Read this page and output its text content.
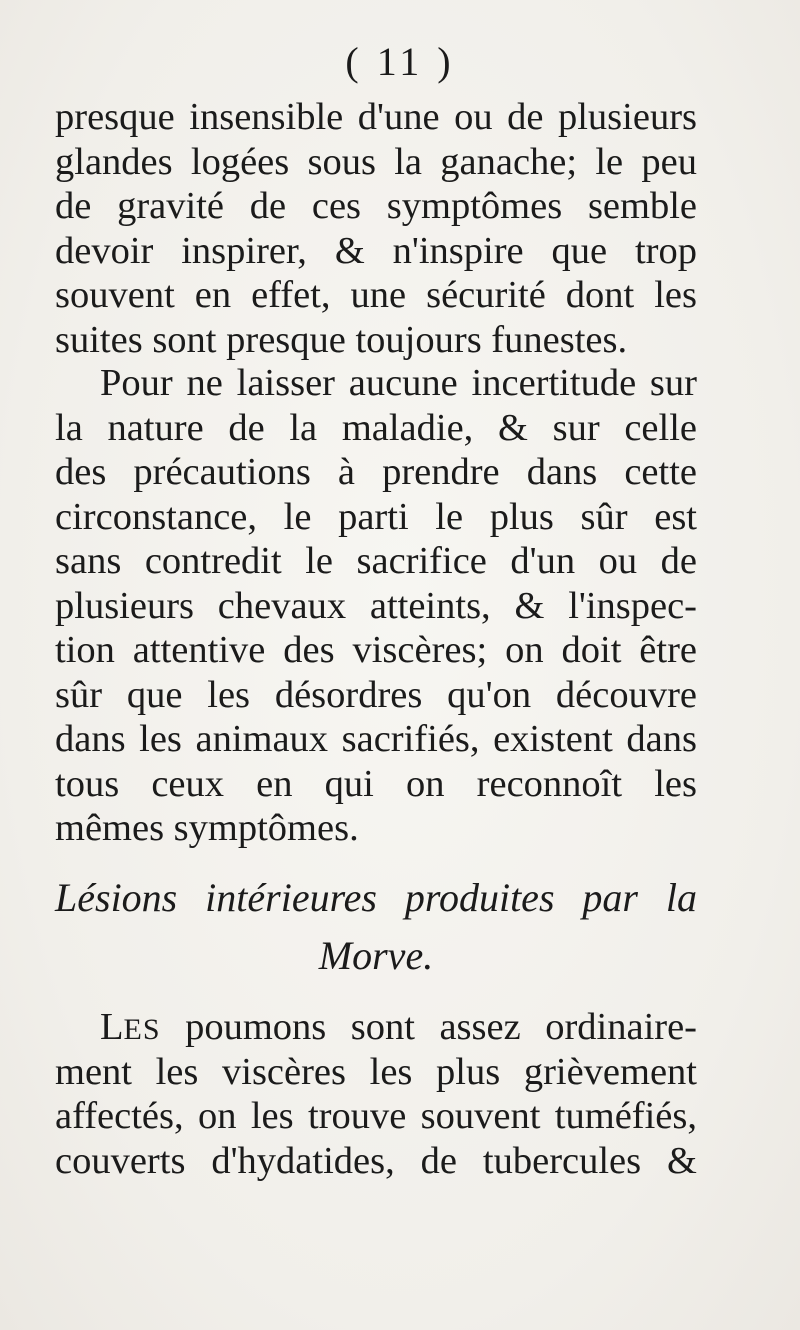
( 11 )
presque insensible d'une ou de plusieurs
glandes logées sous la ganache; le peu
de gravité de ces symptômes semble
devoir inspirer, & n'inspire que trop
souvent en effet, une sécurité dont les
suites sont presque toujours funestes.
Pour ne laisser aucune incertitude sur
la nature de la maladie, & sur celle
des précautions à prendre dans cette
circonstance, le parti le plus sûr est
sans contredit le sacrifice d'un ou de
plusieurs chevaux atteints, & l'inspec-
tion attentive des viscères; on doit être
sûr que les désordres qu'on découvre
dans les animaux sacrifiés, existent dans
tous ceux en qui on reconnoît les
mêmes symptômes.
Lésions intérieures produites par la
Morve.
LES poumons sont assez ordinaire-
ment les viscères les plus grièvement
affectés, on les trouve souvent tuméfiés,
couverts d'hydatides, de tubercules &
